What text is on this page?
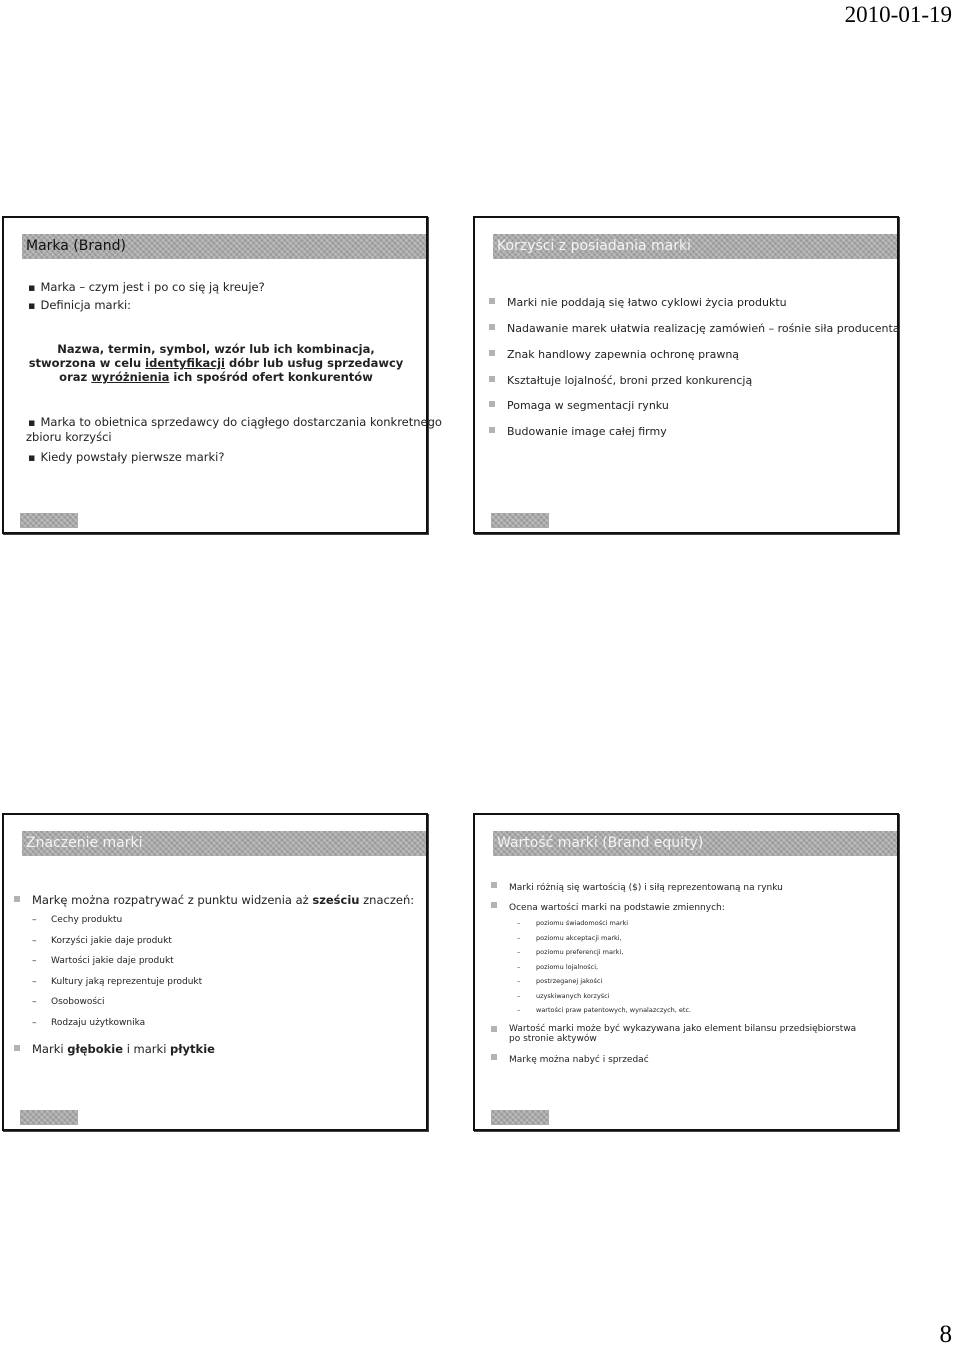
2010-01-19
Marka (Brand)
▪ Marka – czym jest i po co się ją kreuje?
▪ Definicja marki:
Nazwa, termin, symbol, wzór lub ich kombinacja, stworzona w celu identyfikacji dóbr lub usług sprzedawcy oraz wyróżnienia ich spośród ofert konkurentów
▪ Marka to obietnica sprzedawcy do ciągłego dostarczania konkretnego
zbioru korzyści
▪ Kiedy powstały pierwsze marki?
Korzyści z posiadania marki
Marki nie poddają się łatwo cyklowi życia produktu
Nadawanie marek ułatwia realizację zamówień – rośnie siła producenta
Znak handlowy zapewnia ochronę prawną
Kształtuje lojalność, broni przed konkurencją
Pomaga w segmentacji rynku
Budowanie image całej firmy
Znaczenie marki
Markę można rozpatrywać z punktu widzenia aż sześciu znaczeń:
– Cechy produktu
– Korzyści jakie daje produkt
– Wartości jakie daje produkt
– Kultury jaką reprezentuje produkt
– Osobowości
– Rodzaju użytkownika
Marki głębokie i marki płytkie
Wartość marki (Brand equity)
Marki różnią się wartością ($) i siłą reprezentowaną na rynku
Ocena wartości marki na podstawie zmiennych:
– poziomu świadomości marki
– poziomu akceptacji marki,
– poziomu preferencji marki,
– poziomu lojalności,
– postrzeganej jakości
– uzyskiwanych korzyści
– wartości praw patentowych, wynalazczych, etc.
Wartość marki może być wykazywana jako element bilansu przedsiębiorstwa po stronie aktywów
Markę można nabyć i sprzedać
8
